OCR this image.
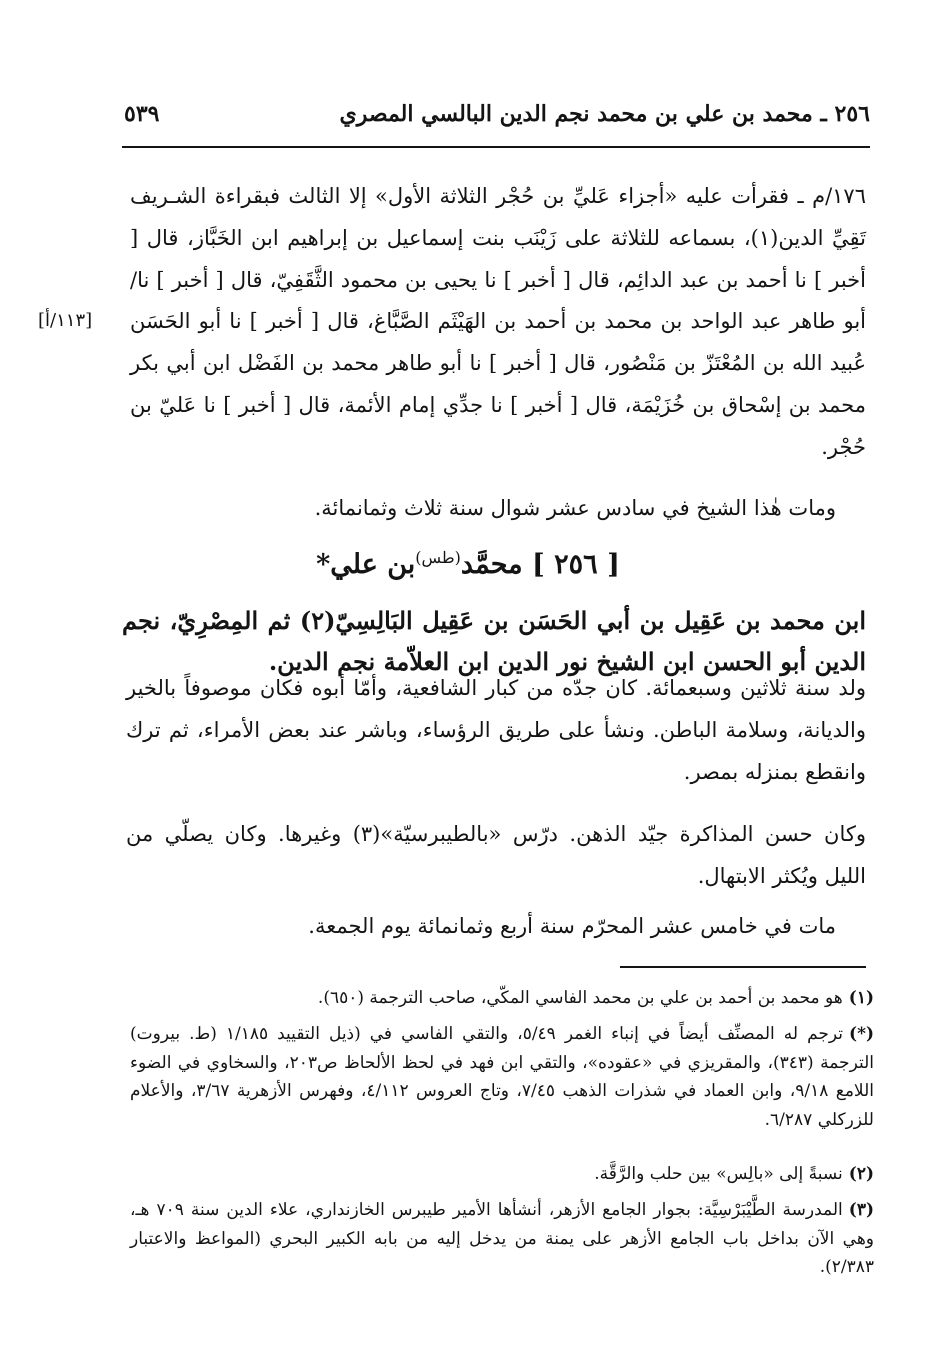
٥٣٩	٢٥٦ ـ محمد بن علي بن محمد نجم الدين البالسي المصري

١٧٦/م ـ فقرأت عليه «أجزاء عَليِّ بن حُجْر الثلاثة الأول» إلا الثالث فبقراءة الشـريف تَقِيِّ الدين(١)، بسماعه للثلاثة على زَيْنَب بنت إسماعيل بن إبراهيم ابن الخَبَّاز، قال [ أخبر ] نا أحمد بن عبد الدائِم، قال [ أخبر ] نا يحيى بن محمود الثَّقَفِيّ، قال [ أخبر ] نا/ أبو طاهر عبد الواحد بن محمد بن أحمد بن الهَيْثَم الصَّبَّاغ، قال [ أخبر ] نا أبو الحَسَن عُبيد الله بن المُعْتَزّ بن مَنْصُور، قال [ أخبر ] نا أبو طاهر محمد بن الفَضْل ابن أبي بكر محمد بن إسْحاق بن خُزَيْمَة، قال [ أخبر ] نا جدِّي إمام الأئمة، قال [ أخبر ] نا عَليّ بن حُجْر.

[١١٣/أ]

ومات هٰذا الشيخ في سادس عشر شوال سنة ثلاث وثمانمائة.

[ ٢٥٦ ] محمَّد$^{(طس)}$بن علي*

ابن محمد بن عَقِيل بن أبي الحَسَن بن عَقِيل البَالِسِيّ(٢) ثم المِصْرِيّ، نجم الدين أبو الحسن ابن الشيخ نور الدين ابن العلاّمة نجم الدين.

ولد سنة ثلاثين وسبعمائة. كان جدّه من كبار الشافعية، وأمّا أبوه فكان موصوفاً بالخير والديانة، وسلامة الباطن. ونشأ على طريق الرؤساء، وباشر عند بعض الأمراء، ثم ترك وانقطع بمنزله بمصر.

وكان حسن المذاكرة جيّد الذهن. درّس «بالطيبرسيّة»(٣) وغيرها. وكان يصلّي من الليل ويُكثر الابتهال.

مات في خامس عشر المحرّم سنة أربع وثمانمائة يوم الجمعة.

(١)هو محمد بن أحمد بن علي بن محمد الفاسي المكّي، صاحب الترجمة (٦٥٠).

(*)ترجم له المصنِّف أيضاً في إنباء الغمر ٥/٤٩، والتقي الفاسي في (ذيل التقييد ١/١٨٥ (ط. بيروت) الترجمة (٣٤٣)، والمقريزي في «عقوده»، والتقي ابن فهد في لحظ الألحاظ ص٢٠٣، والسخاوي في الضوء اللامع ٩/١٨، وابن العماد في شذرات الذهب ٧/٤٥، وتاج العروس ٤/١١٢، وفهرس الأزهرية ٣/٦٧، والأعلام للزركلي ٦/٢٨٧.

(٢)نسبةً إلى «بالِس» بين حلب والرَّقَّة.

(٣)المدرسة الطَّيْبَرْسِيَّة: بجوار الجامع الأزهر، أنشأها الأمير طيبرس الخازنداري، علاء الدين سنة ٧٠٩ هـ، وهي الآن بداخل باب الجامع الأزهر على يمنة من يدخل إليه من بابه الكبير البحري (المواعظ والاعتبار ٢/٣٨٣).
